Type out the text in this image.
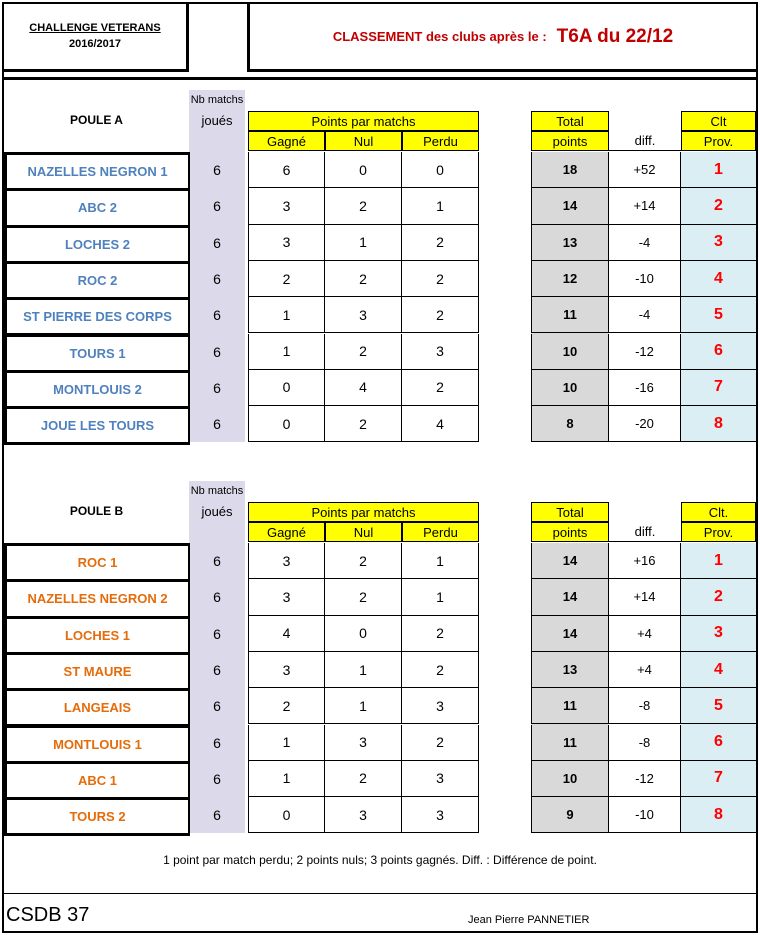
CHALLENGE VETERANS
2016/2017	CLASSEMENT des clubs après le : T6A du 22/12
Nb matchs
joués
POULE A	Points par matchs
Gagné	Nul	Perdu
Total
points	diff.
Clt
Prov.
NAZELLES NEGRON 1	6	6	0	0	18	+52	1
ABC 2	6	3	2	1	14	+14	2
LOCHES 2	6	3	1	2	13	-4	3
ROC 2	6	2	2	2	12	-10	4
ST PIERRE DES CORPS	6	1	3	2	11	-4	5
TOURS 1	6	1	2	3	10	-12	6
MONTLOUIS 2	6	0	4	2	10	-16	7
JOUE LES TOURS	6	0	2	4	8	-20	8
Nb matchs
joués
POULE B	Points par matchs
Gagné	Nul	Perdu
Total
points	diff.
Clt.
Prov.
ROC 1	6	3	2	1	14	+16	1
NAZELLES NEGRON 2	6	3	2	1	14	+14	2
LOCHES 1	6	4	0	2	14	+4	3
ST MAURE	6	3	1	2	13	+4	4
LANGEAIS	6	2	1	3	11	-8	5
MONTLOUIS 1	6	1	3	2	11	-8	6
ABC 1	6	1	2	3	10	-12	7
TOURS 2	6	0	3	3	9	-10	8
1 point par match perdu; 2 points nuls; 3 points gagnés. Diff. : Différence de point.
CSDB 37	Jean Pierre PANNETIER
